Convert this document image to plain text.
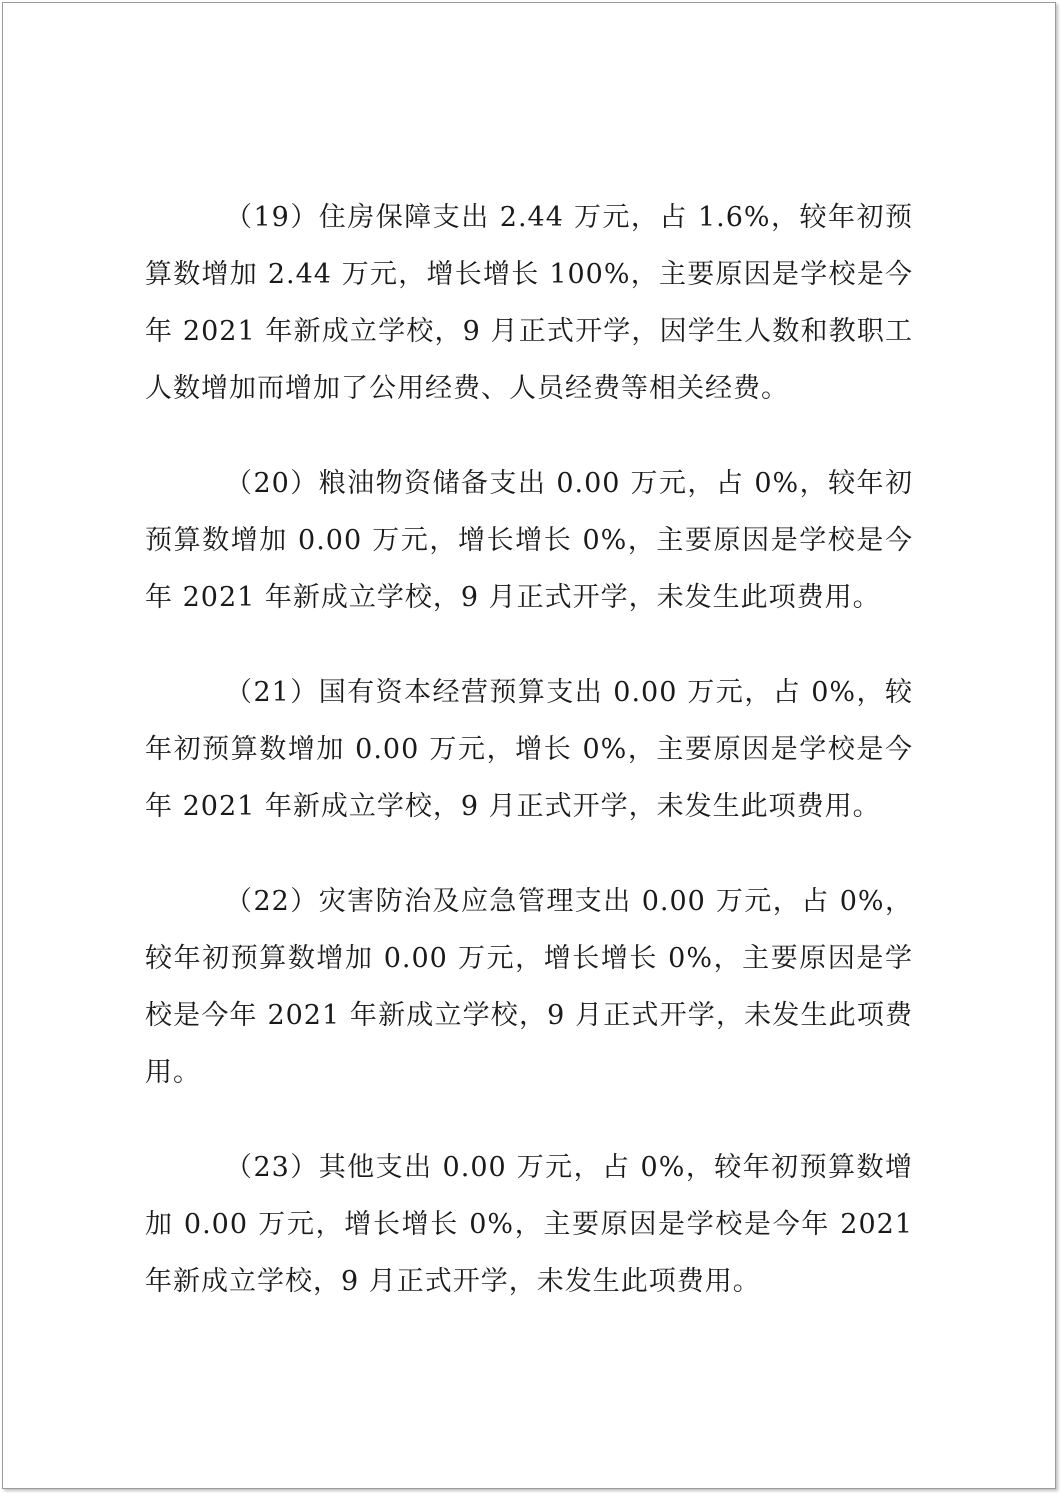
（19）住房保障支出 2.44 万元，占 1.6%，较年初预算数增加 2.44 万元，增长增长 100%，主要原因是学校是今年 2021 年新成立学校，9 月正式开学，因学生人数和教职工人数增加而增加了公用经费、人员经费等相关经费。

（20）粮油物资储备支出 0.00 万元，占 0%，较年初预算数增加 0.00 万元，增长增长 0%，主要原因是学校是今年 2021 年新成立学校，9 月正式开学，未发生此项费用。

（21）国有资本经营预算支出 0.00 万元，占 0%，较年初预算数增加 0.00 万元，增长 0%，主要原因是学校是今年 2021 年新成立学校，9 月正式开学，未发生此项费用。

（22）灾害防治及应急管理支出 0.00 万元，占 0%，较年初预算数增加 0.00 万元，增长增长 0%，主要原因是学校是今年 2021 年新成立学校，9 月正式开学，未发生此项费用。

（23）其他支出 0.00 万元，占 0%，较年初预算数增加 0.00 万元，增长增长 0%，主要原因是学校是今年 2021 年新成立学校，9 月正式开学，未发生此项费用。
